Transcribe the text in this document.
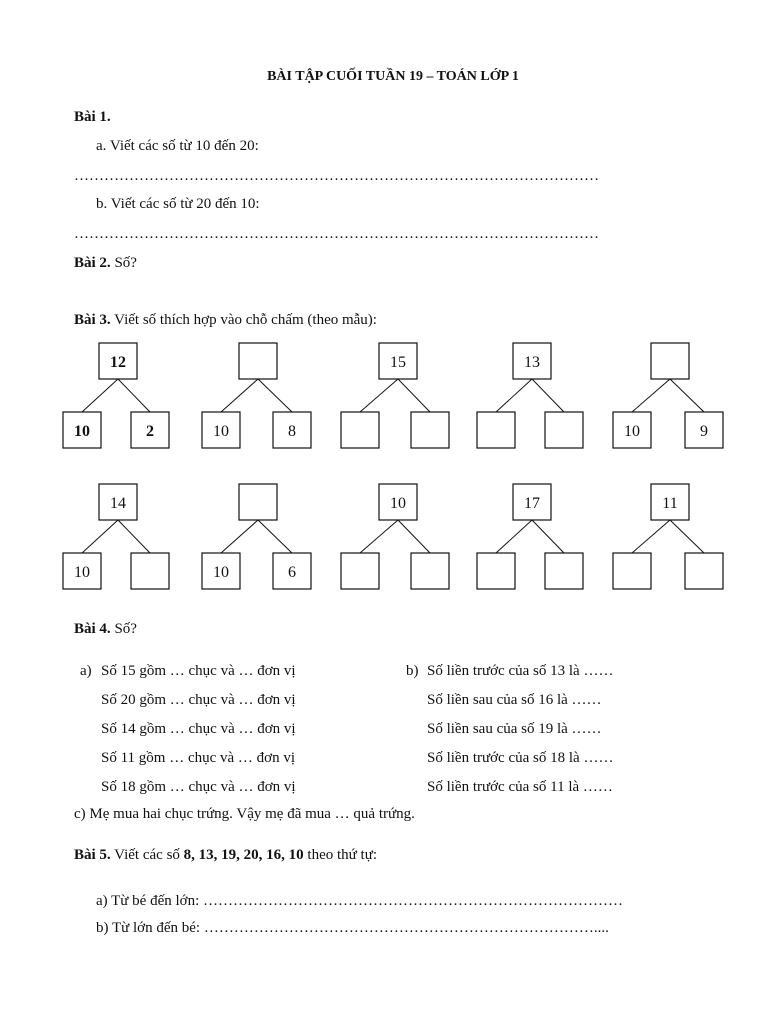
BÀI TẬP CUỐI TUẦN 19 – TOÁN LỚP 1
Bài 1.
a. Viết các số từ 10 đến 20:
……………………………………………………………………………………………
b. Viết các số từ 20 đến 10:
……………………………………………………………………………………………
Bài 2. Số?
Bài 3. Viết số thích hợp vào chỗ chấm (theo mẫu):
12
10	2	10	8
15	13
10	9
14
10	10	6
10	17	11
Bài 4. Số?
a) Số 15 gồm … chục và … đơn vị
Số 20 gồm … chục và … đơn vị
Số 14 gồm … chục và … đơn vị
Số 11 gồm … chục và … đơn vị
Số 18 gồm … chục và … đơn vị
b) Số liền trước của số 13 là ……
Số liền sau của số 16 là ……
Số liền sau của số 19 là ……
Số liền trước của số 18 là ……
Số liền trước của số 11 là ……
c) Mẹ mua hai chục trứng. Vậy mẹ đã mua … quả trứng.
Bài 5. Viết các số 8, 13, 19, 20, 16, 10 theo thứ tự:
a) Từ bé đến lớn: …………………………………………………………………………
b) Từ lớn đến bé: ……………………………………………………………………....
